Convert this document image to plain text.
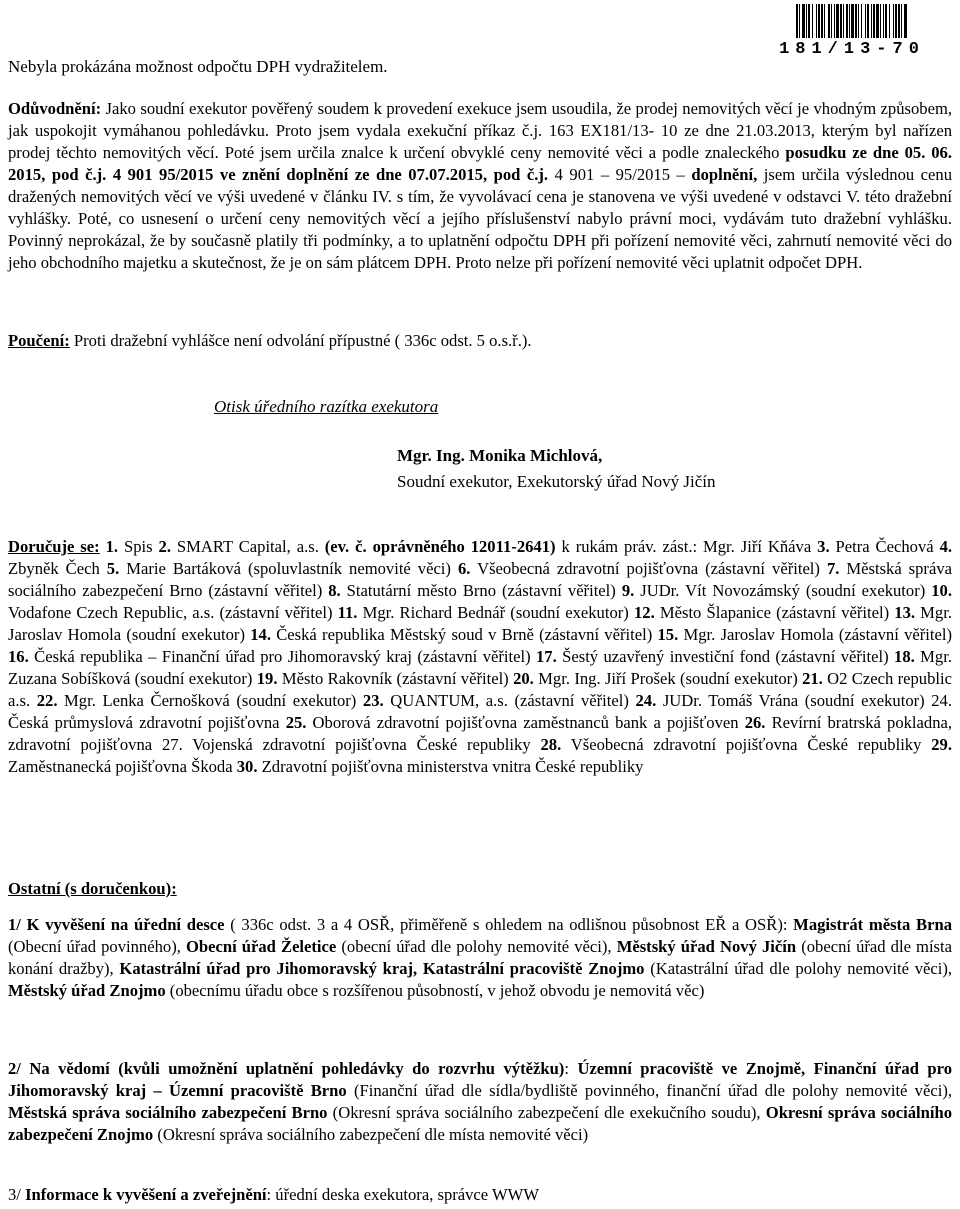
Nebyla prokázána možnost odpočtu DPH vydražitelem.

181/13-70

Odůvodnění: Jako soudní exekutor pověřený soudem k provedení exekuce jsem usoudila, že prodej nemovitých věcí je vhodným způsobem, jak uspokojit vymáhanou pohledávku. Proto jsem vydala exekuční příkaz č.j. 163 EX181/13- 10 ze dne 21.03.2013, kterým byl nařízen prodej těchto nemovitých věcí. Poté jsem určila znalce k určení obvyklé ceny nemovité věci a podle znaleckého posudku ze dne 05. 06. 2015, pod č.j. 4 901 95/2015 ve znění doplnění ze dne 07.07.2015, pod č.j. 4 901 – 95/2015 – doplnění, jsem určila výslednou cenu dražených nemovitých věcí ve výši uvedené v článku IV. s tím, že vyvolávací cena je stanovena ve výši uvedené v odstavci V. této dražební vyhlášky. Poté, co usnesení o určení ceny nemovitých věcí a jejího příslušenství nabylo právní moci, vydávám tuto dražební vyhlášku. Povinný neprokázal, že by současně platily tři podmínky, a to uplatnění odpočtu DPH při pořízení nemovité věci, zahrnutí nemovité věci do jeho obchodního majetku a skutečnost, že je on sám plátcem DPH. Proto nelze při pořízení nemovité věci uplatnit odpočet DPH.

Poučení: Proti dražební vyhlášce není odvolání přípustné ( 336c odst. 5 o.s.ř.).

Otisk úředního razítka exekutora

Mgr. Ing. Monika Michlová,

Soudní exekutor, Exekutorský úřad Nový Jičín

Doručuje se: 1. Spis 2. SMART Capital, a.s. (ev. č. oprávněného 12011-2641) k rukám práv. zást.: Mgr. Jiří Kňáva 3. Petra Čechová 4. Zbyněk Čech 5. Marie Bartáková (spoluvlastník nemovité věci) 6. Všeobecná zdravotní pojišťovna (zástavní věřitel) 7. Městská správa sociálního zabezpečení Brno (zástavní věřitel) 8. Statutární město Brno (zástavní věřitel) 9. JUDr. Vít Novozámský (soudní exekutor) 10. Vodafone Czech Republic, a.s. (zástavní věřitel) 11. Mgr. Richard Bednář (soudní exekutor) 12. Město Šlapanice (zástavní věřitel) 13. Mgr. Jaroslav Homola (soudní exekutor) 14. Česká republika Městský soud v Brně (zástavní věřitel) 15. Mgr. Jaroslav Homola (zástavní věřitel) 16. Česká republika – Finanční úřad pro Jihomoravský kraj (zástavní věřitel) 17. Šestý uzavřený investiční fond (zástavní věřitel) 18. Mgr. Zuzana Sobíšková (soudní exekutor) 19. Město Rakovník (zástavní věřitel) 20. Mgr. Ing. Jiří Prošek (soudní exekutor) 21. O2 Czech republic a.s. 22. Mgr. Lenka Černošková (soudní exekutor) 23. QUANTUM, a.s. (zástavní věřitel) 24. JUDr. Tomáš Vrána (soudní exekutor) 24. Česká průmyslová zdravotní pojišťovna 25. Oborová zdravotní pojišťovna zaměstnanců bank a pojišťoven 26. Revírní bratrská pokladna, zdravotní pojišťovna 27. Vojenská zdravotní pojišťovna České republiky 28. Všeobecná zdravotní pojišťovna České republiky 29. Zaměstnanecká pojišťovna Škoda 30. Zdravotní pojišťovna ministerstva vnitra České republiky

Ostatní (s doručenkou):

1/ K vyvěšení na úřední desce ( 336c odst. 3 a 4 OSŘ, přiměřeně s ohledem na odlišnou působnost EŘ a OSŘ): Magistrát města Brna (Obecní úřad povinného), Obecní úřad Želetice (obecní úřad dle polohy nemovité věci), Městský úřad Nový Jičín (obecní úřad dle místa konání dražby), Katastrální úřad pro Jihomoravský kraj, Katastrální pracoviště Znojmo (Katastrální úřad dle polohy nemovité věci), Městský úřad Znojmo (obecnímu úřadu obce s rozšířenou působností, v jehož obvodu je nemovitá věc)

2/ Na vědomí (kvůli umožnění uplatnění pohledávky do rozvrhu výtěžku): Územní pracoviště ve Znojmě, Finanční úřad pro Jihomoravský kraj – Územní pracoviště Brno (Finanční úřad dle sídla/bydliště povinného, finanční úřad dle polohy nemovité věci), Městská správa sociálního zabezpečení Brno (Okresní správa sociálního zabezpečení dle exekučního soudu), Okresní správa sociálního zabezpečení Znojmo (Okresní správa sociálního zabezpečení dle místa nemovité věci)

3/ Informace k vyvěšení a zveřejnění: úřední deska exekutora, správce WWW
